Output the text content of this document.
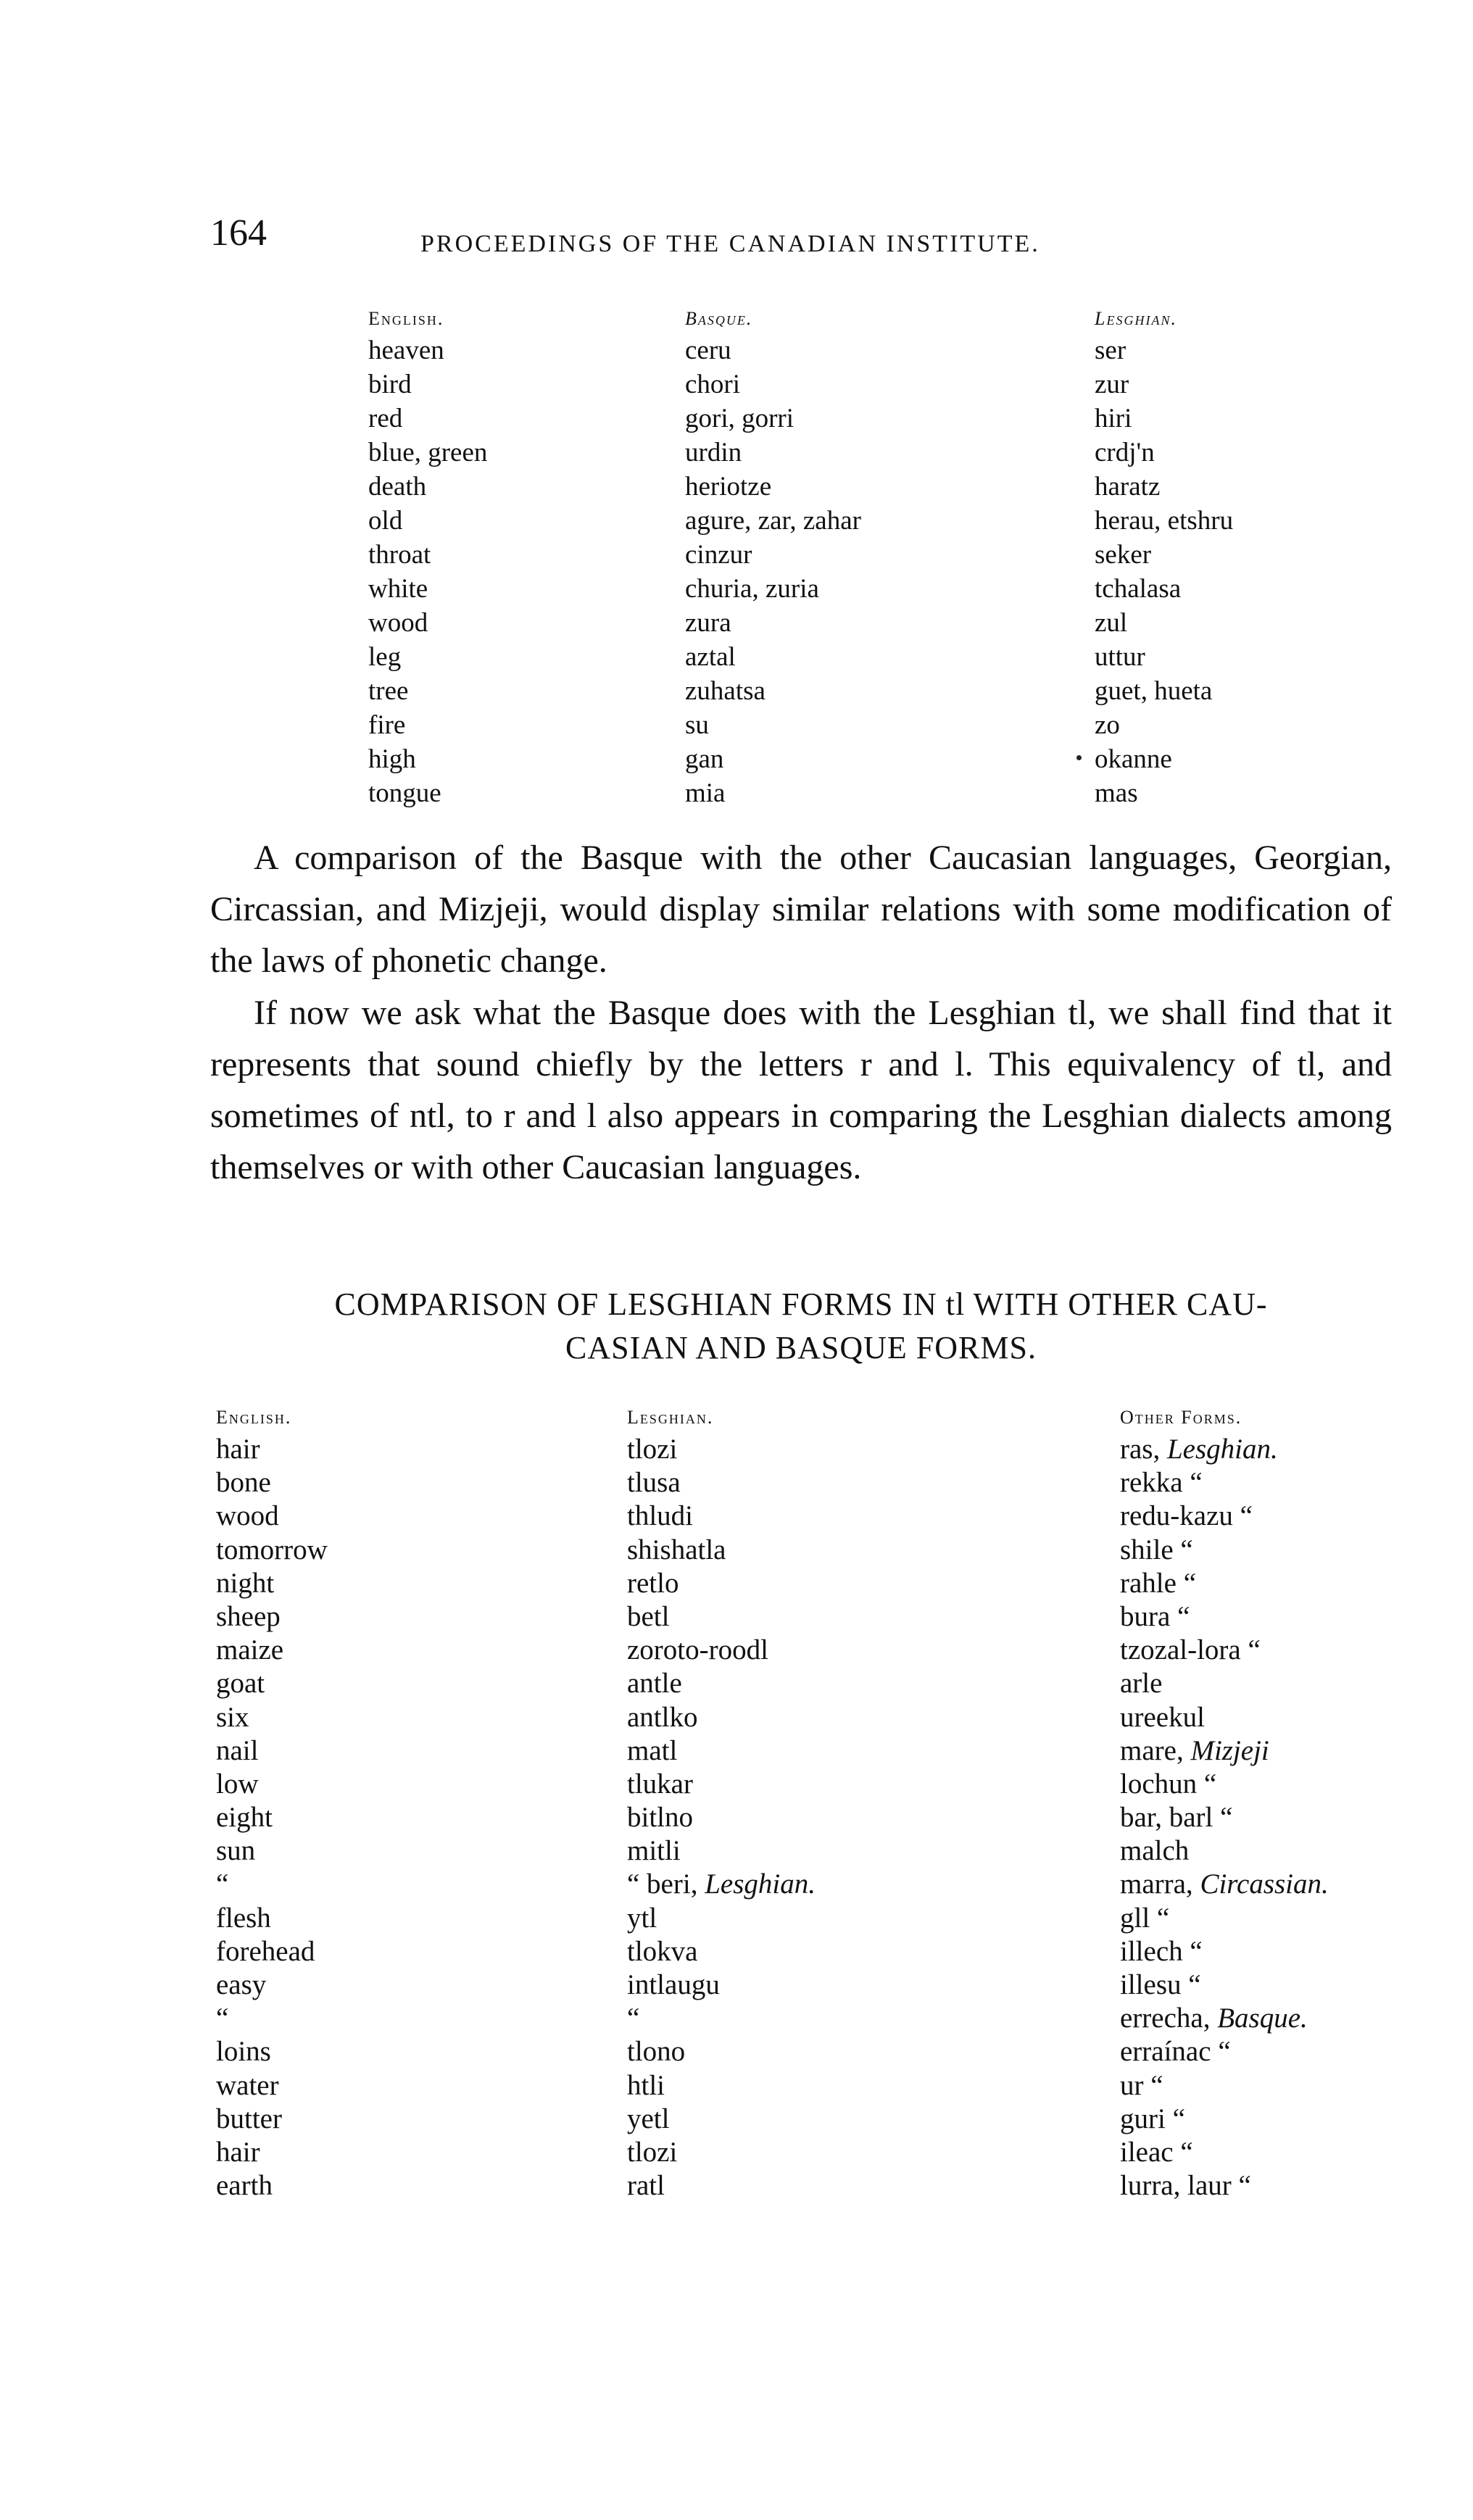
164	PROCEEDINGS OF THE CANADIAN INSTITUTE.
English.
heaven
bird
red
blue, green
death
old
throat
white
wood
leg
tree
fire
high
tongue
Basque.
ceru
chori
gori, gorri
urdin
heriotze
agure, zar, zahar
cinzur
churia, zuria
zura
aztal
zuhatsa
su
gan
mia
Lesghian.
ser
zur
hiri
crdj'n
haratz
herau, etshru
seker
tchalasa
zul
uttur
guet, hueta
zo
okanne
mas

A comparison of the Basque with the other Caucasian languages, Georgian, Circassian, and Mizjeji, would display similar relations with some modification of the laws of phonetic change.

If now we ask what the Basque does with the Lesghian tl, we shall find that it represents that sound chiefly by the letters r and l. This equivalency of tl, and sometimes of ntl, to r and l also appears in comparing the Lesghian dialects among themselves or with other Caucasian languages.

COMPARISON OF LESGHIAN FORMS IN tl WITH OTHER CAU-
CASIAN AND BASQUE FORMS.
English.
hair
bone
wood
tomorrow
night
sheep
maize
goat
six
nail
low
eight
sun
“
flesh
forehead
easy
“
loins
water
butter
hair
earth
Lesghian.
tlozi
tlusa
thludi
shishatla
retlo
betl
zoroto-roodl
antle
antlko
matl
tlukar
bitlno
mitli
“ beri, Lesghian.
ytl
tlokva
intlaugu
“
tlono
htli
yetl
tlozi
ratl
Other Forms.
ras, Lesghian.
rekka “
redu-kazu “
shile “
rahle “
bura “
tzozal-lora “
arle
ureekul
mare, Mizjeji
lochun “
bar, barl “
malch
marra, Circassian.
gll “
illech “
illesu “
errecha, Basque.
erraínac “
ur “
guri “
ileac “
lurra, laur “
